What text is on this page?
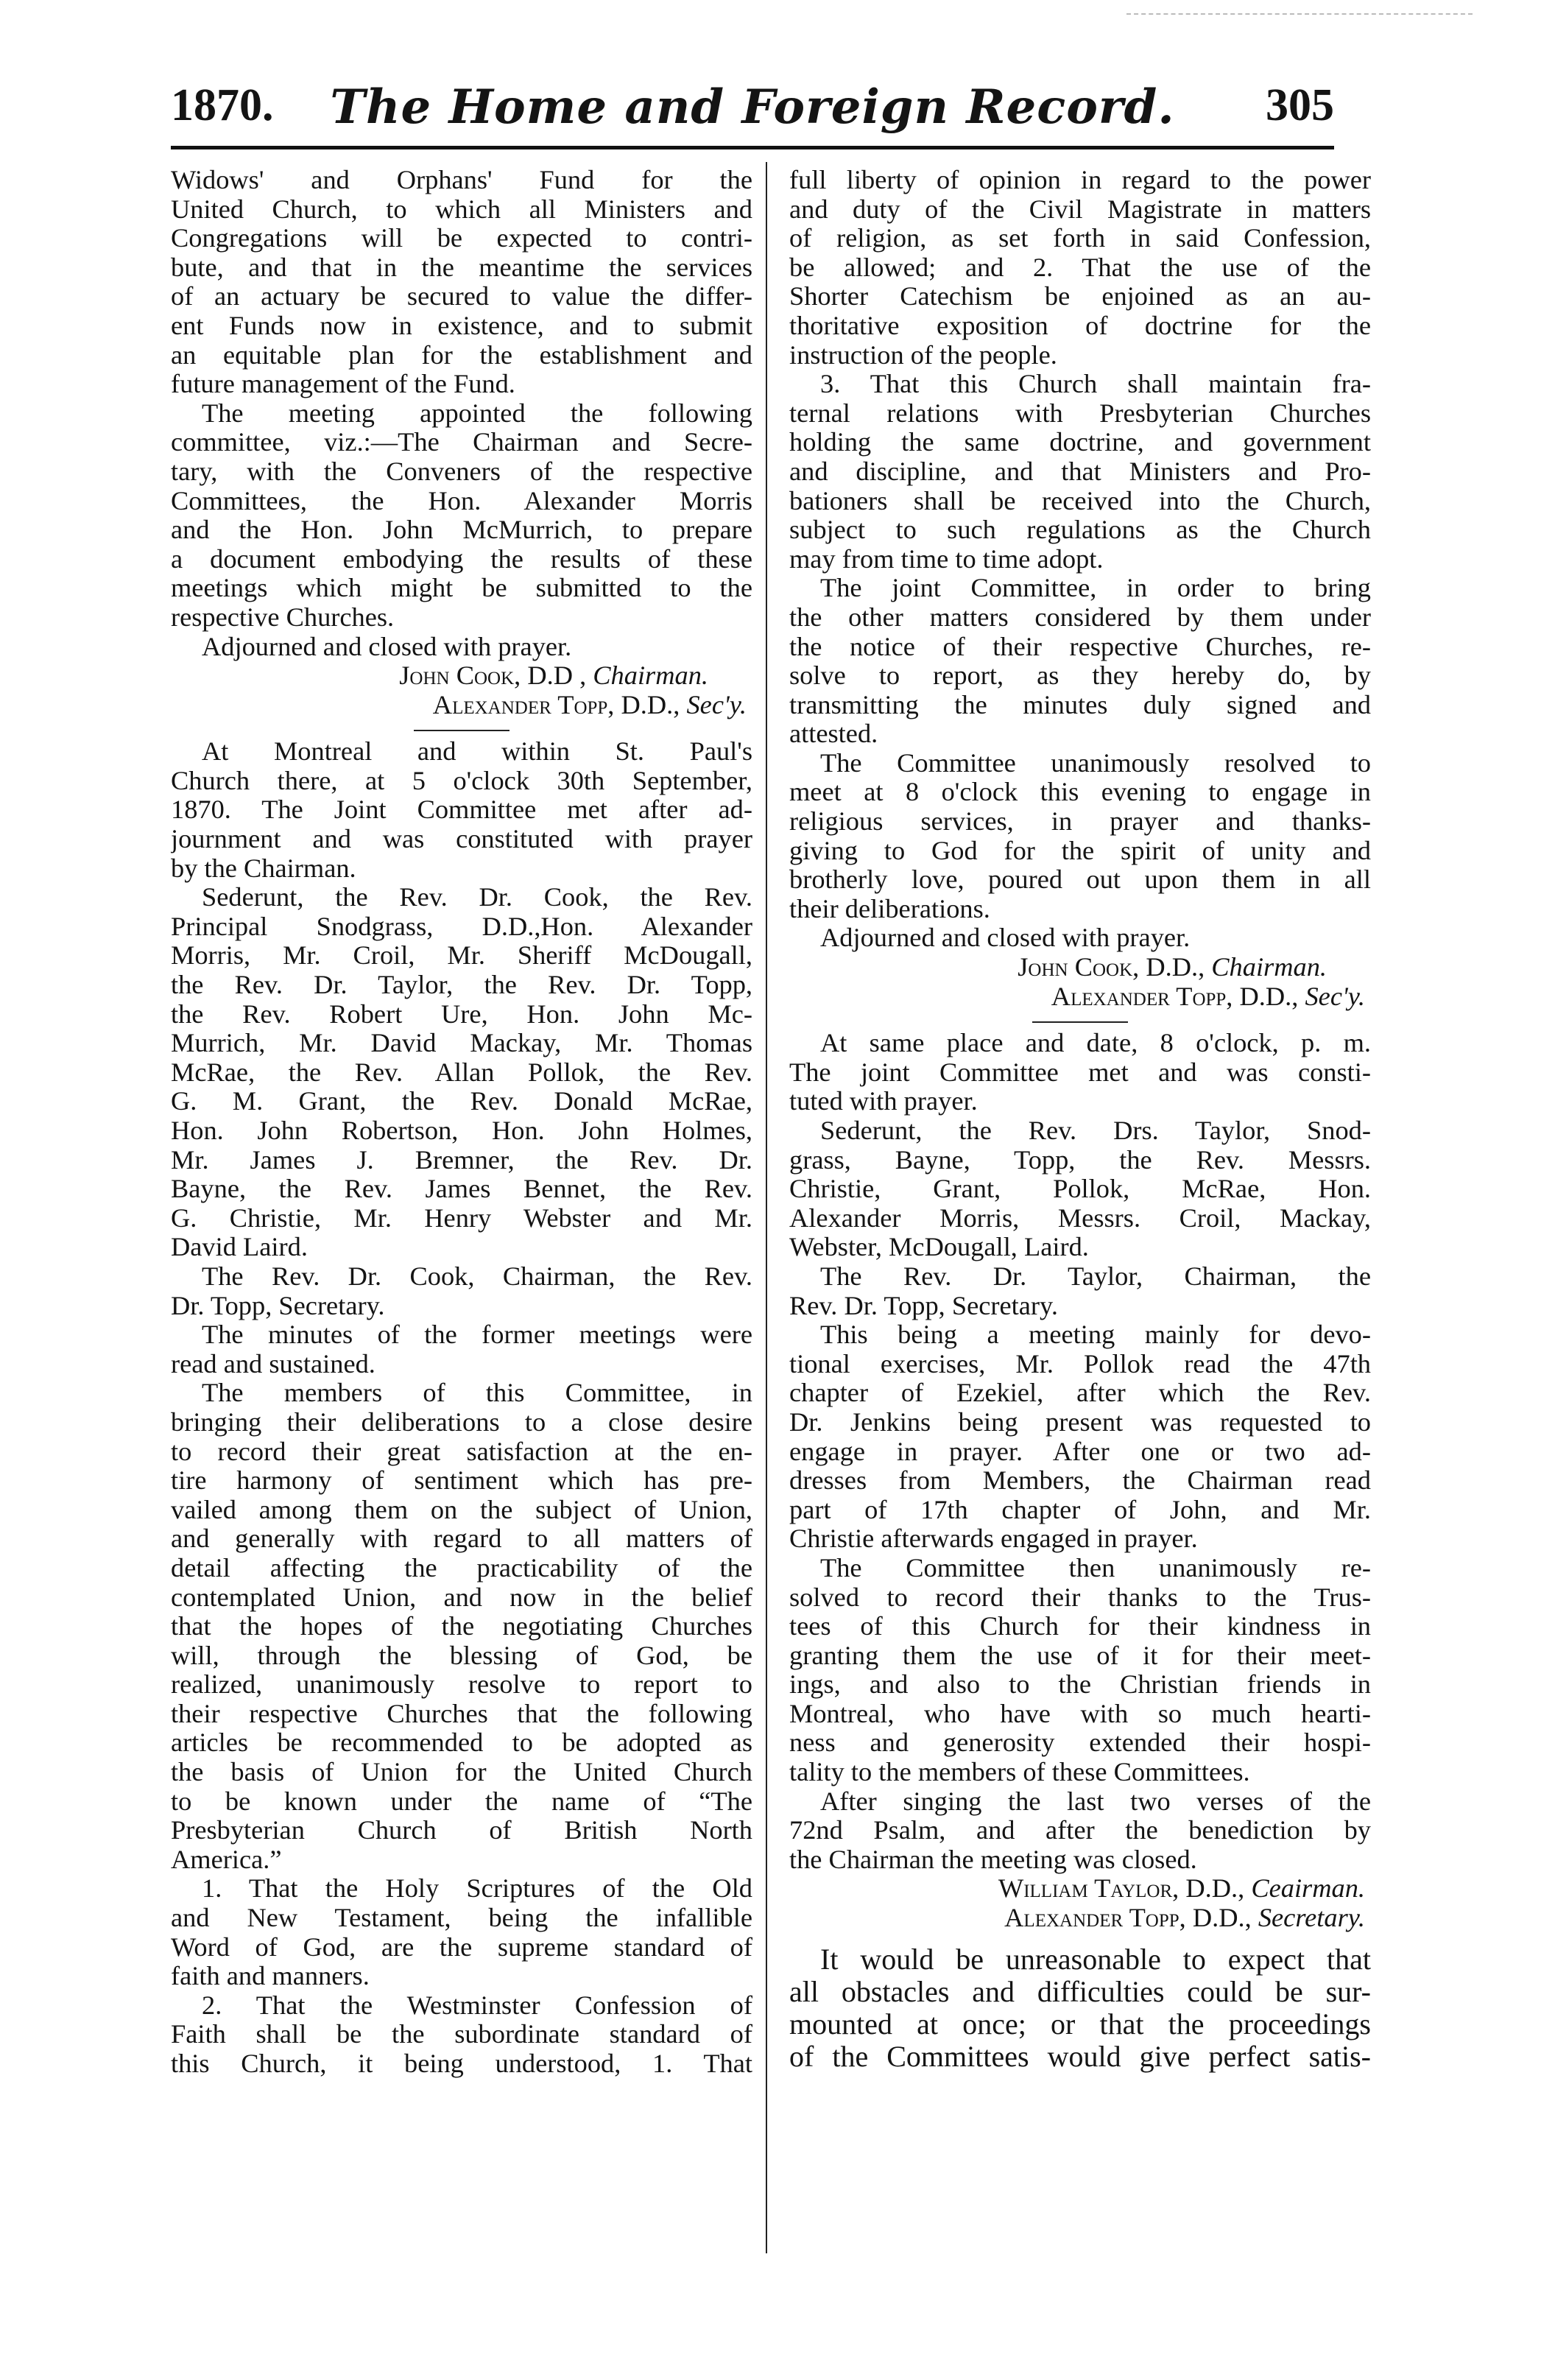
1870.	The Home and Foreign Record.	305
Widows' and Orphans' Fund for the
United Church, to which all Ministers and
Congregations will be expected to contri-
bute, and that in the meantime the services
of an actuary be secured to value the differ-
ent Funds now in existence, and to submit
an equitable plan for the establishment and
future management of the Fund.
The meeting appointed the following
committee, viz.:—The Chairman and Secre-
tary, with the Conveners of the respective
Committees, the Hon. Alexander Morris
and the Hon. John McMurrich, to prepare
a document embodying the results of these
meetings which might be submitted to the
respective Churches.
Adjourned and closed with prayer.
John Cook, D.D , Chairman.
Alexander Topp, D.D., Sec'y.
At Montreal and within St. Paul's
Church there, at 5 o'clock 30th September,
1870. The Joint Committee met after ad-
journment and was constituted with prayer
by the Chairman.
Sederunt, the Rev. Dr. Cook, the Rev.
Principal Snodgrass, D.D.,Hon. Alexander
Morris, Mr. Croil, Mr. Sheriff McDougall,
the Rev. Dr. Taylor, the Rev. Dr. Topp,
the Rev. Robert Ure, Hon. John Mc-
Murrich, Mr. David Mackay, Mr. Thomas
McRae, the Rev. Allan Pollok, the Rev.
G. M. Grant, the Rev. Donald McRae,
Hon. John Robertson, Hon. John Holmes,
Mr. James J. Bremner, the Rev. Dr.
Bayne, the Rev. James Bennet, the Rev.
G. Christie, Mr. Henry Webster and Mr.
David Laird.
The Rev. Dr. Cook, Chairman, the Rev.
Dr. Topp, Secretary.
The minutes of the former meetings were
read and sustained.
The members of this Committee, in
bringing their deliberations to a close desire
to record their great satisfaction at the en-
tire harmony of sentiment which has pre-
vailed among them on the subject of Union,
and generally with regard to all matters of
detail affecting the practicability of the
contemplated Union, and now in the belief
that the hopes of the negotiating Churches
will, through the blessing of God, be
realized, unanimously resolve to report to
their respective Churches that the following
articles be recommended to be adopted as
the basis of Union for the United Church
to be known under the name of “The
Presbyterian Church of British North
America.”
1. That the Holy Scriptures of the Old
and New Testament, being the infallible
Word of God, are the supreme standard of
faith and manners.
2. That the Westminster Confession of
Faith shall be the subordinate standard of
this Church, it being understood, 1. That
full liberty of opinion in regard to the power
and duty of the Civil Magistrate in matters
of religion, as set forth in said Confession,
be allowed; and 2. That the use of the
Shorter Catechism be enjoined as an au-
thoritative exposition of doctrine for the
instruction of the people.
3. That this Church shall maintain fra-
ternal relations with Presbyterian Churches
holding the same doctrine, and government
and discipline, and that Ministers and Pro-
bationers shall be received into the Church,
subject to such regulations as the Church
may from time to time adopt.
The joint Committee, in order to bring
the other matters considered by them under
the notice of their respective Churches, re-
solve to report, as they hereby do, by
transmitting the minutes duly signed and
attested.
The Committee unanimously resolved to
meet at 8 o'clock this evening to engage in
religious services, in prayer and thanks-
giving to God for the spirit of unity and
brotherly love, poured out upon them in all
their deliberations.
Adjourned and closed with prayer.
John Cook, D.D., Chairman.
Alexander Topp, D.D., Sec'y.
At same place and date, 8 o'clock, p. m.
The joint Committee met and was consti-
tuted with prayer.
Sederunt, the Rev. Drs. Taylor, Snod-
grass, Bayne, Topp, the Rev. Messrs.
Christie, Grant, Pollok, McRae, Hon.
Alexander Morris, Messrs. Croil, Mackay,
Webster, McDougall, Laird.
The Rev. Dr. Taylor, Chairman, the
Rev. Dr. Topp, Secretary.
This being a meeting mainly for devo-
tional exercises, Mr. Pollok read the 47th
chapter of Ezekiel, after which the Rev.
Dr. Jenkins being present was requested to
engage in prayer. After one or two ad-
dresses from Members, the Chairman read
part of 17th chapter of John, and Mr.
Christie afterwards engaged in prayer.
The Committee then unanimously re-
solved to record their thanks to the Trus-
tees of this Church for their kindness in
granting them the use of it for their meet-
ings, and also to the Christian friends in
Montreal, who have with so much hearti-
ness and generosity extended their hospi-
tality to the members of these Committees.
After singing the last two verses of the
72nd Psalm, and after the benediction by
the Chairman the meeting was closed.
William Taylor, D.D., Ceairman.
Alexander Topp, D.D., Secretary.
It would be unreasonable to expect that
all obstacles and difficulties could be sur-
mounted at once; or that the proceedings
of the Committees would give perfect satis-
